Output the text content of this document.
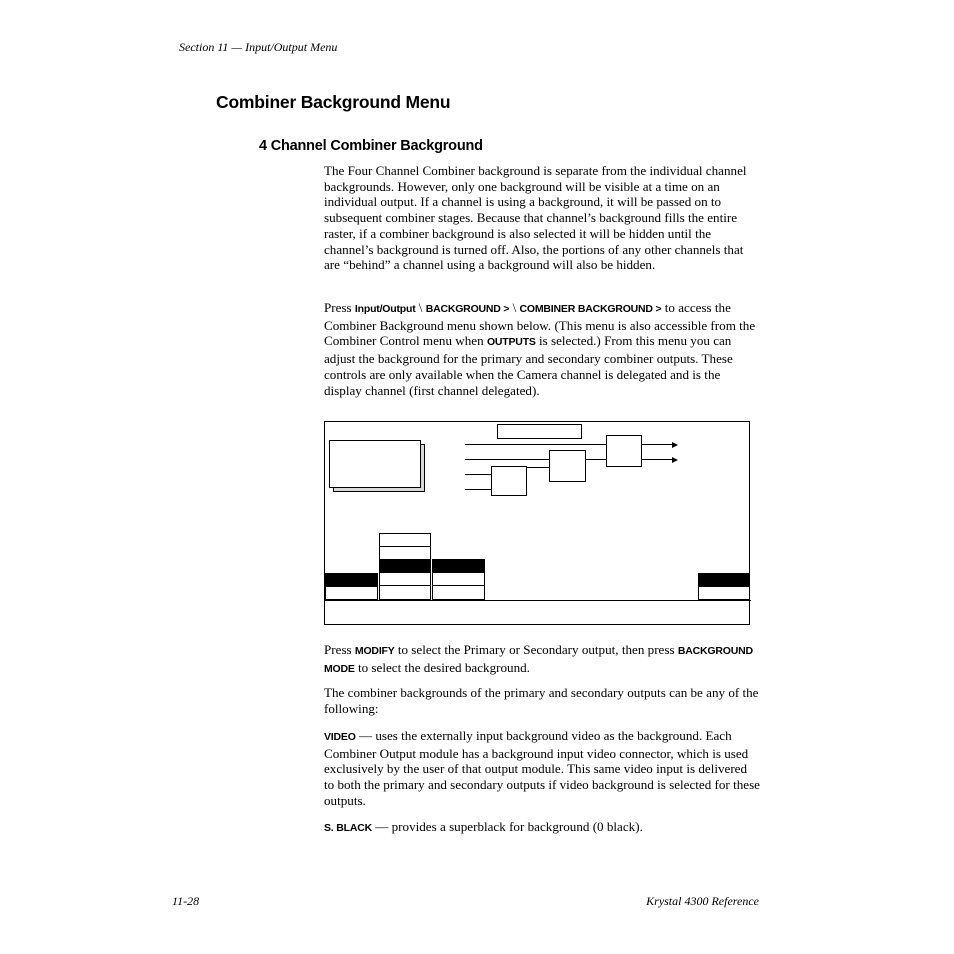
Section 11 — Input/Output Menu
Combiner Background Menu
4 Channel Combiner Background

The Four Channel Combiner background is separate from the individual channel backgrounds. However, only one background will be visible at a time on an individual output. If a channel is using a background, it will be passed on to subsequent combiner stages. Because that channel’s background fills the entire raster, if a combiner background is also selected it will be hidden until the channel’s background is turned off. Also, the portions of any other channels that are “behind” a channel using a background will also be hidden.

Press Input/Output \ BACKGROUND > \ COMBINER BACKGROUND > to access the Combiner Background menu shown below. (This menu is also accessible from the Combiner Control menu when OUTPUTS is selected.) From this menu you can adjust the background for the primary and secondary combiner outputs. These controls are only available when the Camera channel is delegated and is the display channel (first channel delegated).

Press MODIFY to select the Primary or Secondary output, then press BACKGROUND MODE to select the desired background.

The combiner backgrounds of the primary and secondary outputs can be any of the following:

VIDEO — uses the externally input background video as the background. Each Combiner Output module has a background input video connector, which is used exclusively by the user of that output module. This same video input is delivered to both the primary and secondary outputs if video background is selected for these outputs.

S. BLACK — provides a superblack for background (0 black).

11-28	Krystal 4300 Reference
